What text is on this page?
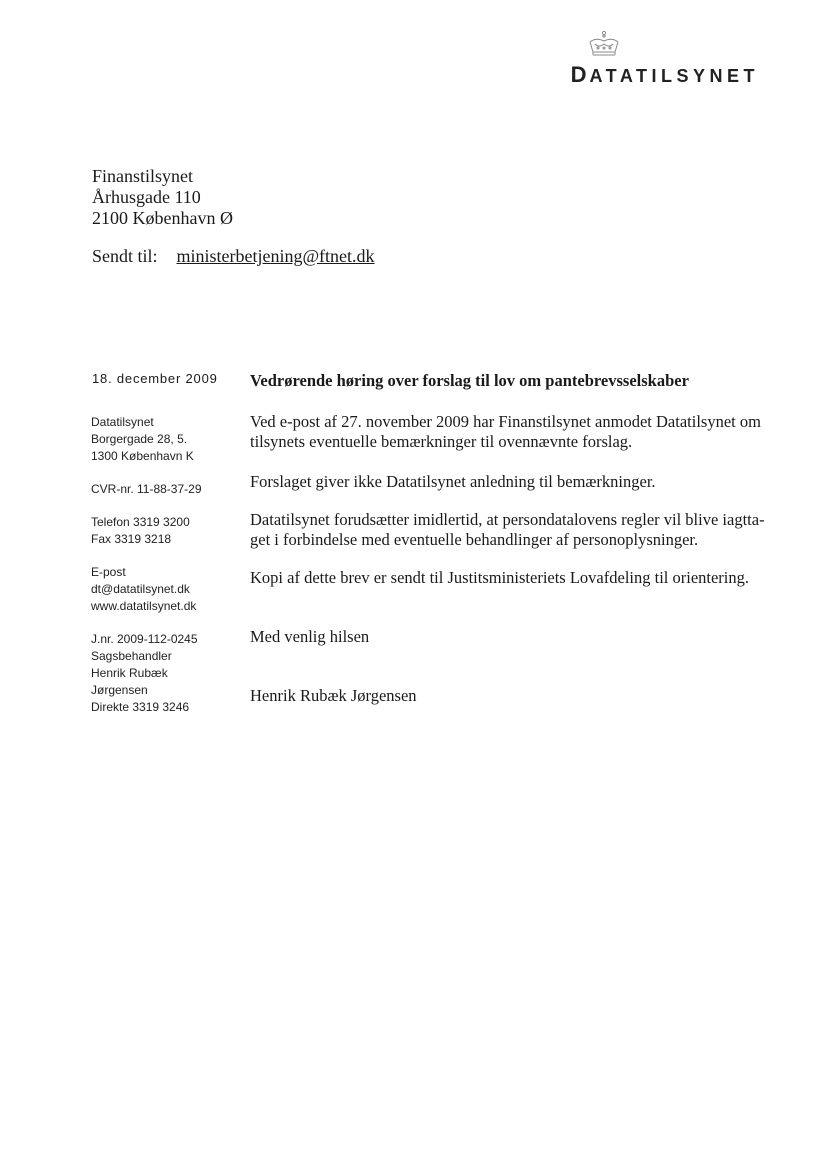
DATATILSYNET
Finanstilsynet
Århusgade 110
2100 København Ø
Sendt til: ministerbetjening@ftnet.dk
18. december 2009
Datatilsynet
Borgergade 28, 5.
1300 København K
CVR-nr. 11-88-37-29
Telefon 3319 3200
Fax 3319 3218
E-post
dt@datatilsynet.dk
www.datatilsynet.dk
J.nr. 2009-112-0245
Sagsbehandler
Henrik Rubæk
Jørgensen
Direkte 3319 3246
Vedrørende høring over forslag til lov om pantebrevsselskaber
Ved e-post af 27. november 2009 har Finanstilsynet anmodet Datatilsynet om
tilsynets eventuelle bemærkninger til ovennævnte forslag.
Forslaget giver ikke Datatilsynet anledning til bemærkninger.
Datatilsynet forudsætter imidlertid, at persondatalovens regler vil blive iagtta-
get i forbindelse med eventuelle behandlinger af personoplysninger.
Kopi af dette brev er sendt til Justitsministeriets Lovafdeling til orientering.
Med venlig hilsen
Henrik Rubæk Jørgensen
